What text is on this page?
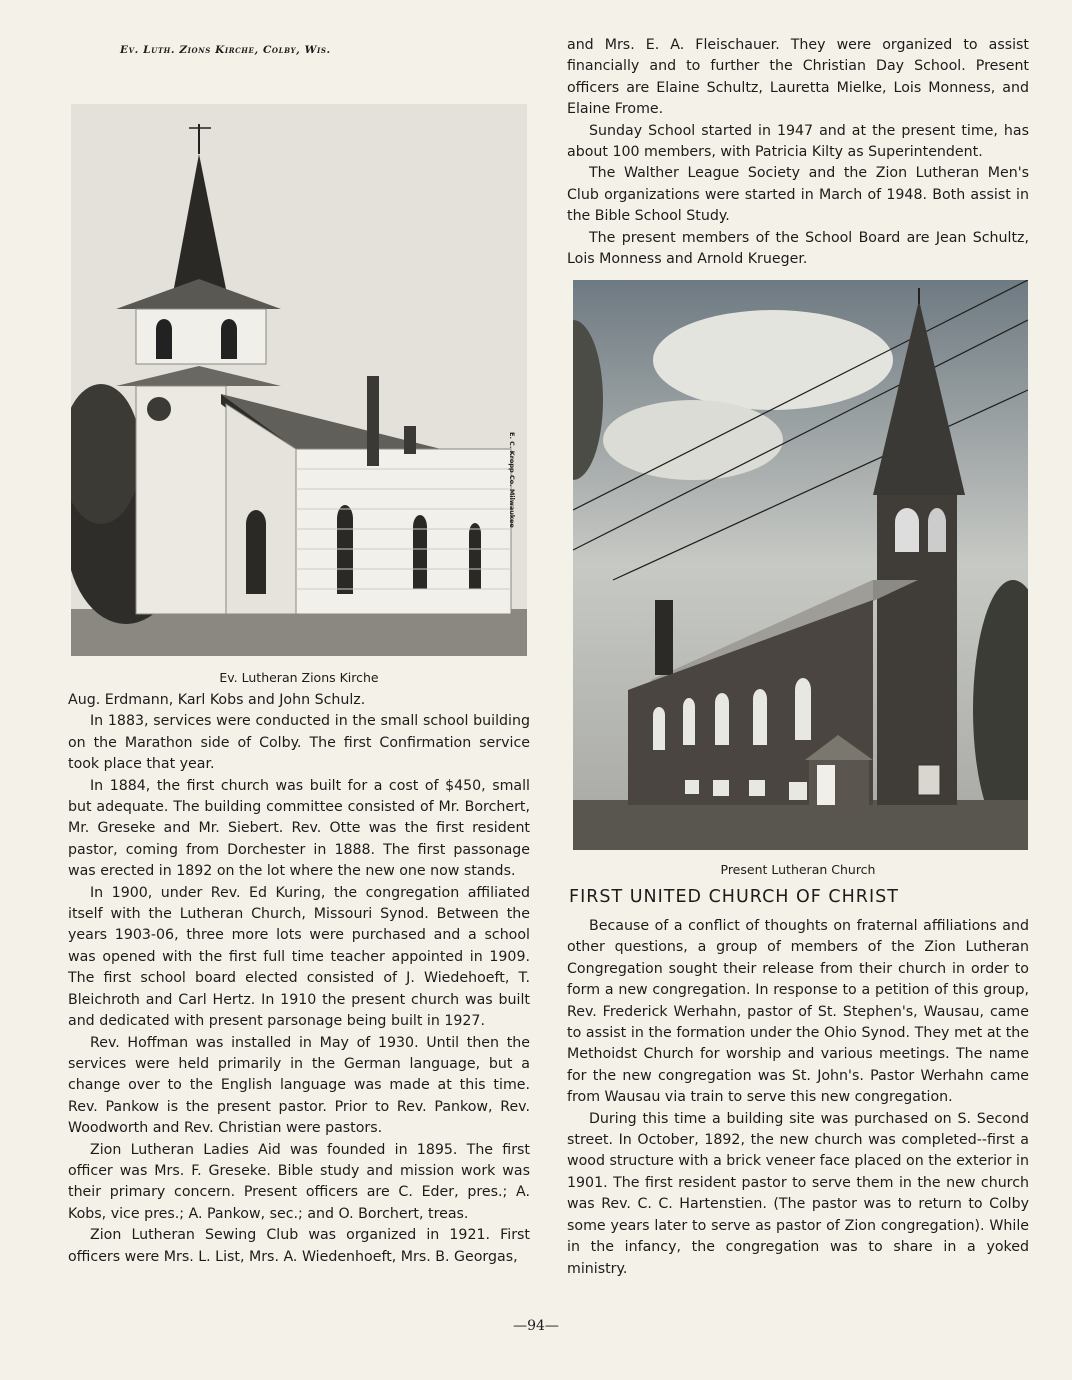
Ev. Luth. Zions Kirche, Colby, Wis.
E. C. Kropp Co. Milwaukee
Ev. Lutheran Zions Kirche

Aug. Erdmann, Karl Kobs and John Schulz.

In 1883, services were conducted in the small school building on the Marathon side of Colby. The first Confirmation service took place that year.

In 1884, the first church was built for a cost of $450, small but adequate. The building committee consisted of Mr. Borchert, Mr. Greseke and Mr. Siebert. Rev. Otte was the first resident pastor, coming from Dorchester in 1888. The first passonage was erected in 1892 on the lot where the new one now stands.

In 1900, under Rev. Ed Kuring, the congregation affiliated itself with the Lutheran Church, Missouri Synod. Between the years 1903-06, three more lots were purchased and a school was opened with the first full time teacher appointed in 1909. The first school board elected consisted of J. Wiedehoeft, T. Bleichroth and Carl Hertz. In 1910 the present church was built and dedicated with present parsonage being built in 1927.

Rev. Hoffman was installed in May of 1930. Until then the services were held primarily in the German language, but a change over to the English language was made at this time. Rev. Pankow is the present pastor. Prior to Rev. Pankow, Rev. Woodworth and Rev. Christian were pastors.

Zion Lutheran Ladies Aid was founded in 1895. The first officer was Mrs. F. Greseke. Bible study and mission work was their primary concern. Present officers are C. Eder, pres.; A. Kobs, vice pres.; A. Pankow, sec.; and O. Borchert, treas.

Zion Lutheran Sewing Club was organized in 1921. First officers were Mrs. L. List, Mrs. A. Wiedenhoeft, Mrs. B. Georgas,

and Mrs. E. A. Fleischauer. They were organized to assist financially and to further the Christian Day School. Present officers are Elaine Schultz, Lauretta Mielke, Lois Monness, and Elaine Frome.

Sunday School started in 1947 and at the present time, has about 100 members, with Patricia Kilty as Superintendent.

The Walther League Society and the Zion Lutheran Men's Club organizations were started in March of 1948. Both assist in the Bible School Study.

The present members of the School Board are Jean Schultz, Lois Monness and Arnold Krueger.

Present Lutheran Church
FIRST UNITED CHURCH OF CHRIST

Because of a conflict of thoughts on fraternal affiliations and other questions, a group of members of the Zion Lutheran Congregation sought their release from their church in order to form a new congregation. In response to a petition of this group, Rev. Frederick Werhahn, pastor of St. Stephen's, Wausau, came to assist in the formation under the Ohio Synod. They met at the Methoidst Church for worship and various meetings. The name for the new congregation was St. John's. Pastor Werhahn came from Wausau via train to serve this new congregation.

During this time a building site was purchased on S. Second street. In October, 1892, the new church was completed--first a wood structure with a brick veneer face placed on the exterior in 1901. The first resident pastor to serve them in the new church was Rev. C. C. Hartenstien. (The pastor was to return to Colby some years later to serve as pastor of Zion congregation). While in the infancy, the congregation was to share in a yoked ministry.

—94—
